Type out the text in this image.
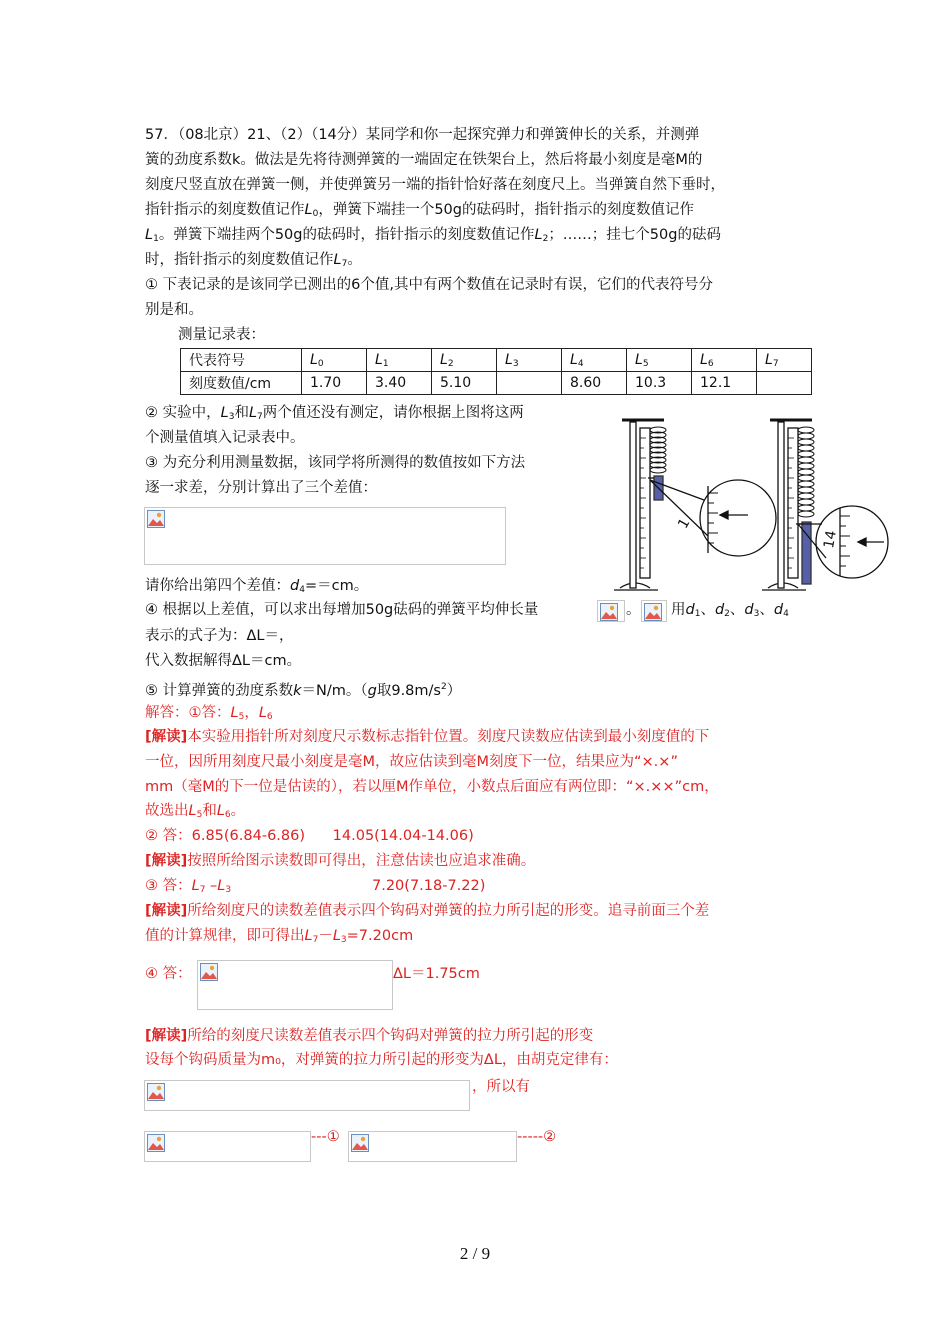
57．（08北京）21、（2）（14分）某同学和你一起探究弹力和弹簧伸长的关系，并测弹
簧的劲度系数k。做法是先将待测弹簧的一端固定在铁架台上，然后将最小刻度是毫M的
刻度尺竖直放在弹簧一侧，并使弹簧另一端的指针恰好落在刻度尺上。当弹簧自然下垂时，
指针指示的刻度数值记作$L_0$，弹簧下端挂一个50g的砝码时，指针指示的刻度数值记作
$L_1$。弹簧下端挂两个50g的砝码时，指针指示的刻度数值记作$L_2$；……；挂七个50g的砝码
时，指针指示的刻度数值记作$L_7$。
① 下表记录的是该同学已测出的6个值,其中有两个数值在记录时有误，它们的代表符号分
别是和。
测量记录表：
代表符号	$L_0$	$L_1$	$L_2$	$L_3$	$L_4$	$L_5$	$L_6$	$L_7$
刻度数值/cm	1.70	3.40	5.10		8.60	10.3	12.1	
② 实验中，$L_3$和$L_7$两个值还没有测定，请你根据上图将这两
个测量值填入记录表中。
③ 为充分利用测量数据，该同学将所测得的数值按如下方法
逐一求差，分别计算出了三个差值：
请你给出第四个差值：$d_4==cm$。
④ 根据以上差值，可以求出每增加50g砝码的弹簧平均伸长量	。 用$d_1$、$d_2$、$d_3$、$d_4$
表示的式子为：ΔL＝，
代入数据解得ΔL＝cm。
⑤ 计算弹簧的劲度系数k＝N/m。（g取$9.8m/s^2$）
1
14
解答：①答：$L_5$，$L_6$
[解读]本实验用指针所对刻度尺示数标志指针位置。刻度尺读数应估读到最小刻度值的下
一位，因所用刻度尺最小刻度是毫M，故应估读到毫M刻度下一位，结果应为“×.×”
mm（毫M的下一位是估读的），若以厘M作单位，小数点后面应有两位即：“×.××”cm，
故选出$L_5$和$L_6$。
② 答：6.85(6.84-6.86)      14.05(14.04-14.06)
[解读]按照所给图示读数即可得出，注意估读也应追求准确。
③ 答：$L_7$ $-L_3$	7.20(7.18-7.22)
[解读]所给刻度尺的读数差值表示四个钩码对弹簧的拉力所引起的形变。追寻前面三个差
值的计算规律，即可得出$L_7-L_3=7.20cm$
④ 答：	ΔL＝1.75cm
[解读]所给的刻度尺读数差值表示四个钩码对弹簧的拉力所引起的形变
设每个钩码质量为m₀，对弹簧的拉力所引起的形变为ΔL，由胡克定律有：
，所以有
---①	-----②
2 / 9
